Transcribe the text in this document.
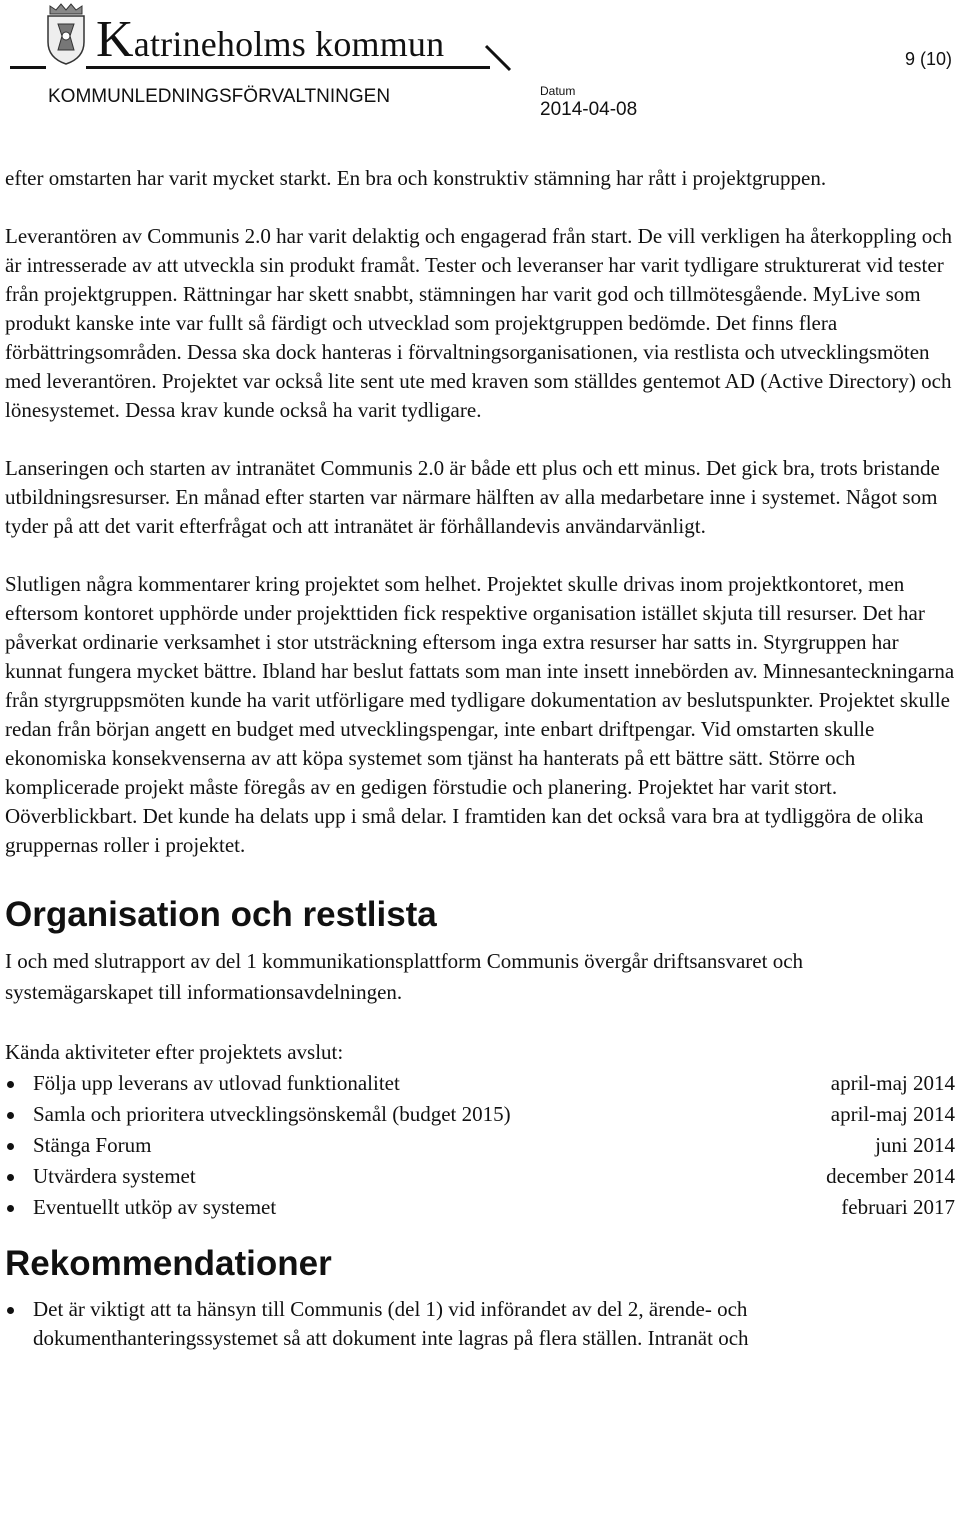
Katrineholms kommun
KOMMUNLEDNINGSFÖRVALTNINGEN	Datum
2014-04-08
9 (10)

efter omstarten har varit mycket starkt. En bra och konstruktiv stämning har rått i projektgruppen.

Leverantören av Communis 2.0 har varit delaktig och engagerad från start. De vill verkligen ha återkoppling och är intresserade av att utveckla sin produkt framåt. Tester och leveranser har varit tydligare strukturerat vid tester från projektgruppen. Rättningar har skett snabbt, stämningen har varit god och tillmötesgående. MyLive som produkt kanske inte var fullt så färdigt och utvecklad som projektgruppen bedömde. Det finns flera förbättringsområden. Dessa ska dock hanteras i förvaltningsorganisationen, via restlista och utvecklingsmöten med leverantören. Projektet var också lite sent ute med kraven som ställdes gentemot AD (Active Directory) och lönesystemet. Dessa krav kunde också ha varit tydligare.

Lanseringen och starten av intranätet Communis 2.0 är både ett plus och ett minus. Det gick bra, trots bristande utbildningsresurser. En månad efter starten var närmare hälften av alla medarbetare inne i systemet. Något som tyder på att det varit efterfrågat och att intranätet är förhållandevis användarvänligt.

Slutligen några kommentarer kring projektet som helhet. Projektet skulle drivas inom projektkontoret, men eftersom kontoret upphörde under projekttiden fick respektive organisation istället skjuta till resurser. Det har påverkat ordinarie verksamhet i stor utsträckning eftersom inga extra resurser har satts in. Styrgruppen har kunnat fungera mycket bättre. Ibland har beslut fattats som man inte insett innebörden av. Minnesanteckningarna från styrgruppsmöten kunde ha varit utförligare med tydligare dokumentation av beslutspunkter. Projektet skulle redan från början angett en budget med utvecklingspengar, inte enbart driftpengar. Vid omstarten skulle ekonomiska konsekvenserna av att köpa systemet som tjänst ha hanterats på ett bättre sätt. Större och komplicerade projekt måste föregås av en gedigen förstudie och planering. Projektet har varit stort. Oöverblickbart. Det kunde ha delats upp i små delar. I framtiden kan det också vara bra at tydliggöra de olika gruppernas roller i projektet.

Organisation och restlista

I och med slutrapport av del 1 kommunikationsplattform Communis övergår driftsansvaret och systemägarskapet till informationsavdelningen.

Kända aktiviteter efter projektets avslut:

Följa upp leverans av utlovad funktionalitet	april-maj 2014
Samla och prioritera utvecklingsönskemål (budget 2015)	april-maj 2014
Stänga Forum	juni 2014
Utvärdera systemet	december 2014
Eventuellt utköp av systemet	februari 2017
Rekommendationer
Det är viktigt att ta hänsyn till Communis (del 1) vid införandet av del 2, ärende- och dokumenthanteringssystemet så att dokument inte lagras på flera ställen. Intranät och
